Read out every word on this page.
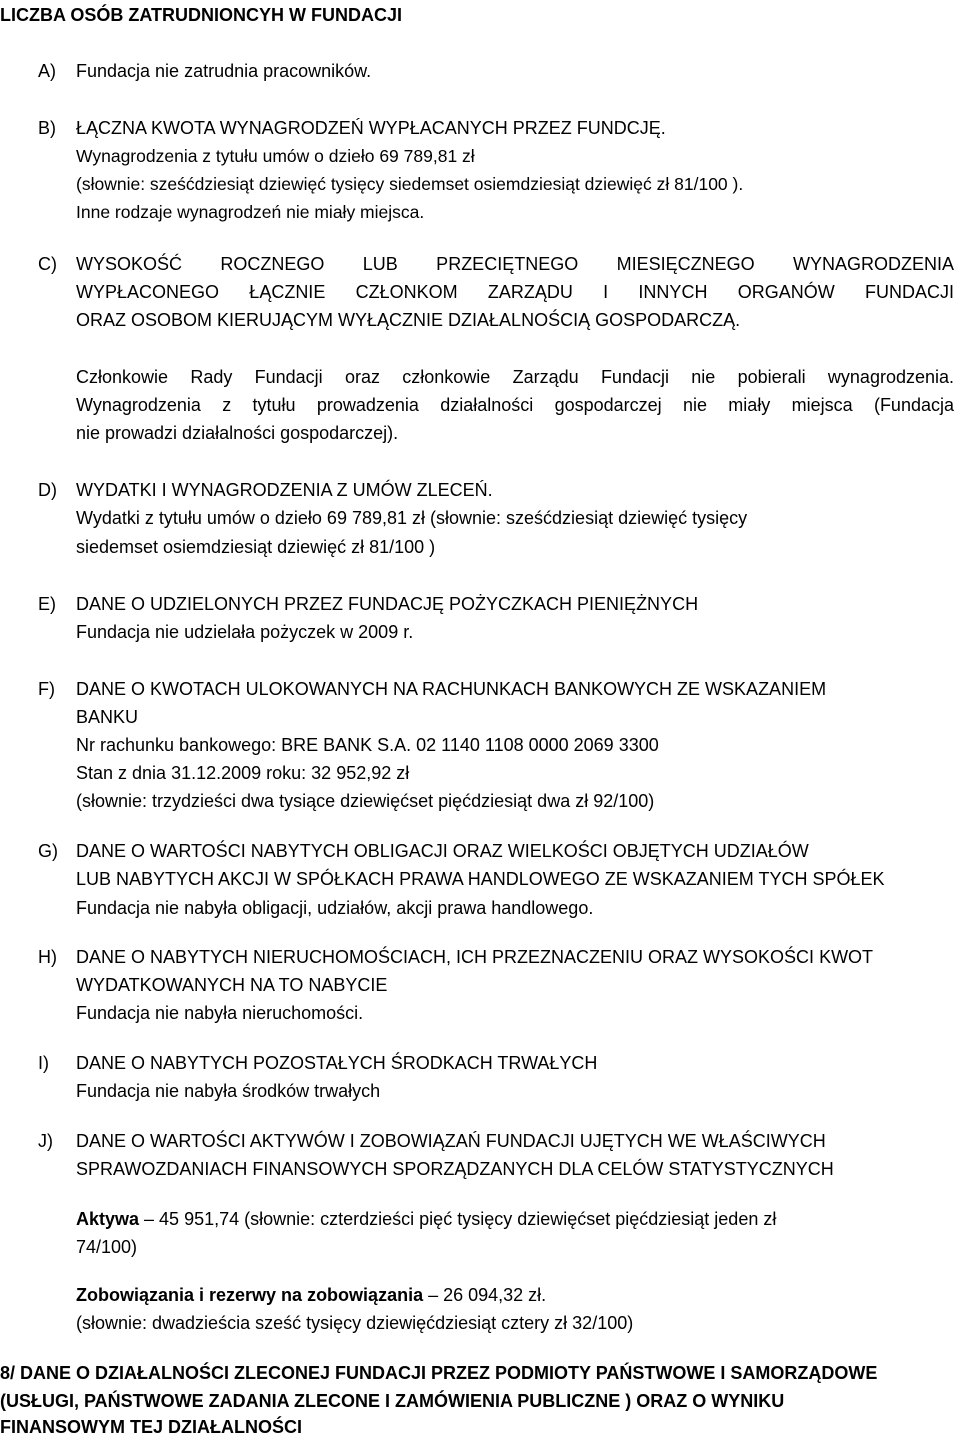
LICZBA OSÓB ZATRUDNIONCYH W FUNDACJI
A) Fundacja nie zatrudnia pracowników.
B) ŁĄCZNA KWOTA WYNAGRODZEŃ WYPŁACANYCH PRZEZ FUNDCJĘ.
Wynagrodzenia z tytułu umów o dzieło 69 789,81 zł
(słownie: sześćdziesiąt dziewięć tysięcy siedemset osiemdziesiąt dziewięć zł 81/100 ).
Inne rodzaje wynagrodzeń nie miały miejsca.
C) WYSOKOŚĆ ROCZNEGO LUB PRZECIĘTNEGO MIESIĘCZNEGO WYNAGRODZENIA
WYPŁACONEGO ŁĄCZNIE CZŁONKOM ZARZĄDU I INNYCH ORGANÓW FUNDACJI
ORAZ OSOBOM KIERUJĄCYM WYŁĄCZNIE DZIAŁALNOŚCIĄ GOSPODARCZĄ.
Członkowie Rady Fundacji oraz członkowie Zarządu Fundacji nie pobierali wynagrodzenia.
Wynagrodzenia z tytułu prowadzenia działalności gospodarczej nie miały miejsca (Fundacja
nie prowadzi działalności gospodarczej).
D) WYDATKI I WYNAGRODZENIA Z UMÓW ZLECEŃ.
Wydatki z tytułu umów o dzieło 69 789,81 zł (słownie: sześćdziesiąt dziewięć tysięcy
siedemset osiemdziesiąt dziewięć zł 81/100 )
E) DANE O UDZIELONYCH PRZEZ FUNDACJĘ POŻYCZKACH PIENIĘŻNYCH
Fundacja nie udzielała pożyczek w 2009 r.
F) DANE O KWOTACH ULOKOWANYCH NA RACHUNKACH BANKOWYCH ZE WSKAZANIEM
BANKU
Nr rachunku bankowego: BRE BANK S.A. 02 1140 1108 0000 2069 3300
Stan z dnia 31.12.2009 roku: 32 952,92 zł
(słownie: trzydzieści dwa tysiące dziewięćset pięćdziesiąt dwa zł 92/100)
G) DANE O WARTOŚCI NABYTYCH OBLIGACJI ORAZ WIELKOŚCI OBJĘTYCH UDZIAŁÓW
LUB NABYTYCH AKCJI W SPÓŁKACH PRAWA HANDLOWEGO ZE WSKAZANIEM TYCH SPÓŁEK
Fundacja nie nabyła obligacji, udziałów, akcji prawa handlowego.
H) DANE O NABYTYCH NIERUCHOMOŚCIACH, ICH PRZEZNACZENIU ORAZ WYSOKOŚCI KWOT
WYDATKOWANYCH NA TO NABYCIE
Fundacja nie nabyła nieruchomości.
I) DANE O NABYTYCH POZOSTAŁYCH ŚRODKACH TRWAŁYCH
Fundacja nie nabyła środków trwałych
J) DANE O WARTOŚCI AKTYWÓW I ZOBOWIĄZAŃ FUNDACJI UJĘTYCH WE WŁAŚCIWYCH
SPRAWOZDANIACH FINANSOWYCH SPORZĄDZANYCH DLA CELÓW STATYSTYCZNYCH
Aktywa – 45 951,74 (słownie: czterdzieści pięć tysięcy dziewięćset pięćdziesiąt jeden zł
74/100)
Zobowiązania i rezerwy na zobowiązania – 26 094,32 zł.
(słownie: dwadzieścia sześć tysięcy dziewięćdziesiąt cztery zł 32/100)
8/ DANE O DZIAŁALNOŚCI ZLECONEJ FUNDACJI PRZEZ PODMIOTY PAŃSTWOWE I SAMORZĄDOWE
(USŁUGI, PAŃSTWOWE ZADANIA ZLECONE I ZAMÓWIENIA PUBLICZNE ) ORAZ O WYNIKU
FINANSOWYM TEJ DZIAŁALNOŚCI
